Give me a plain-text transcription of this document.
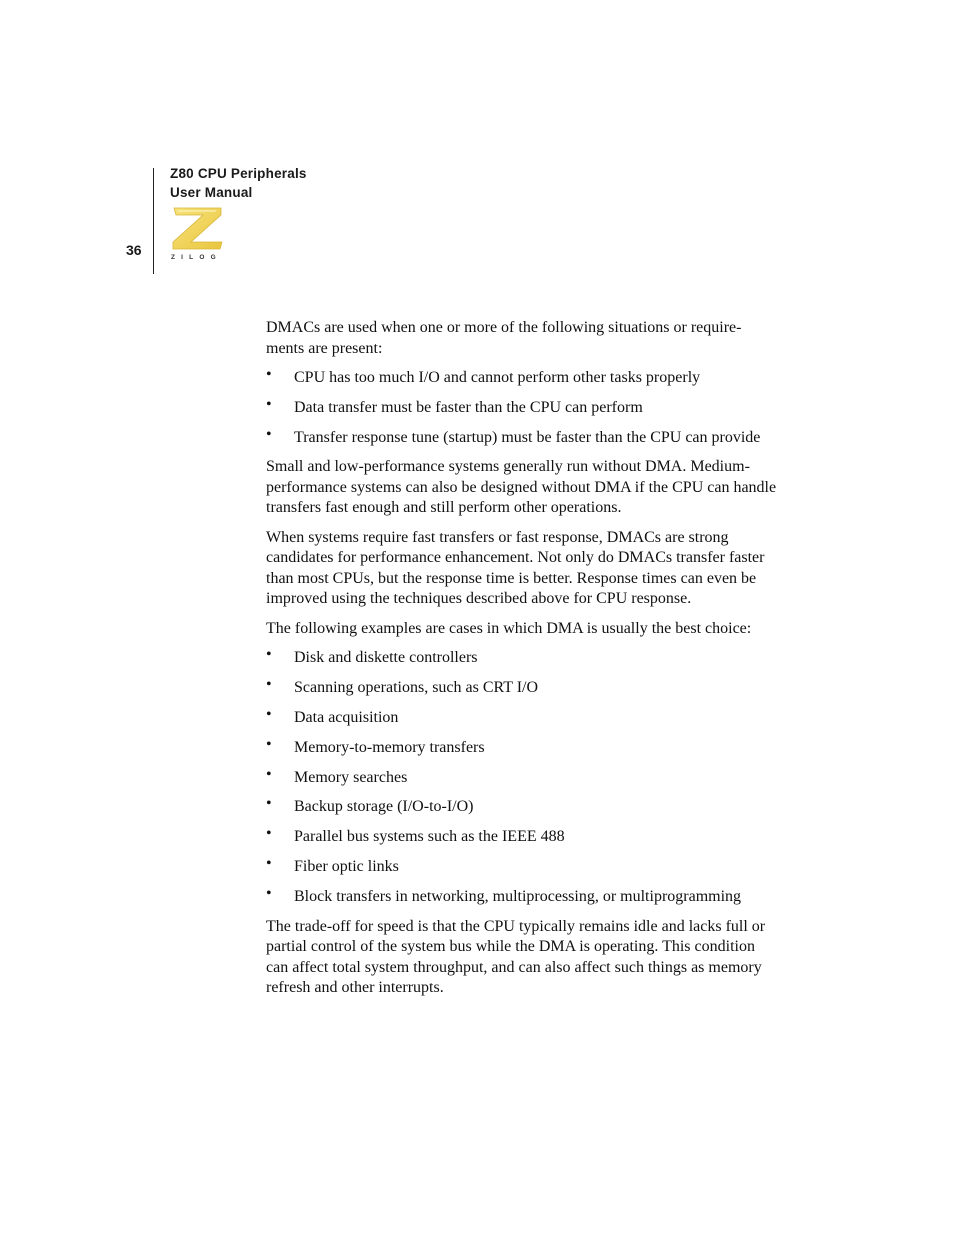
Z80 CPU Peripherals
User Manual
36	ZILOG

DMACs are used when one or more of the following situations or require-ments are present:

• CPU has too much I/O and cannot perform other tasks properly
• Data transfer must be faster than the CPU can perform
• Transfer response tune (startup) must be faster than the CPU can provide

Small and low-performance systems generally run without DMA. Medium-performance systems can also be designed without DMA if the CPU can handle transfers fast enough and still perform other operations.

When systems require fast transfers or fast response, DMACs are strong candidates for performance enhancement. Not only do DMACs transfer faster than most CPUs, but the response time is better. Response times can even be improved using the techniques described above for CPU response.

The following examples are cases in which DMA is usually the best choice:

• Disk and diskette controllers
• Scanning operations, such as CRT I/O
• Data acquisition
• Memory-to-memory transfers
• Memory searches
• Backup storage (I/O-to-I/O)
• Parallel bus systems such as the IEEE 488
• Fiber optic links
• Block transfers in networking, multiprocessing, or multiprogramming

The trade-off for speed is that the CPU typically remains idle and lacks full or partial control of the system bus while the DMA is operating. This condition can affect total system throughput, and can also affect such things as memory refresh and other interrupts.
